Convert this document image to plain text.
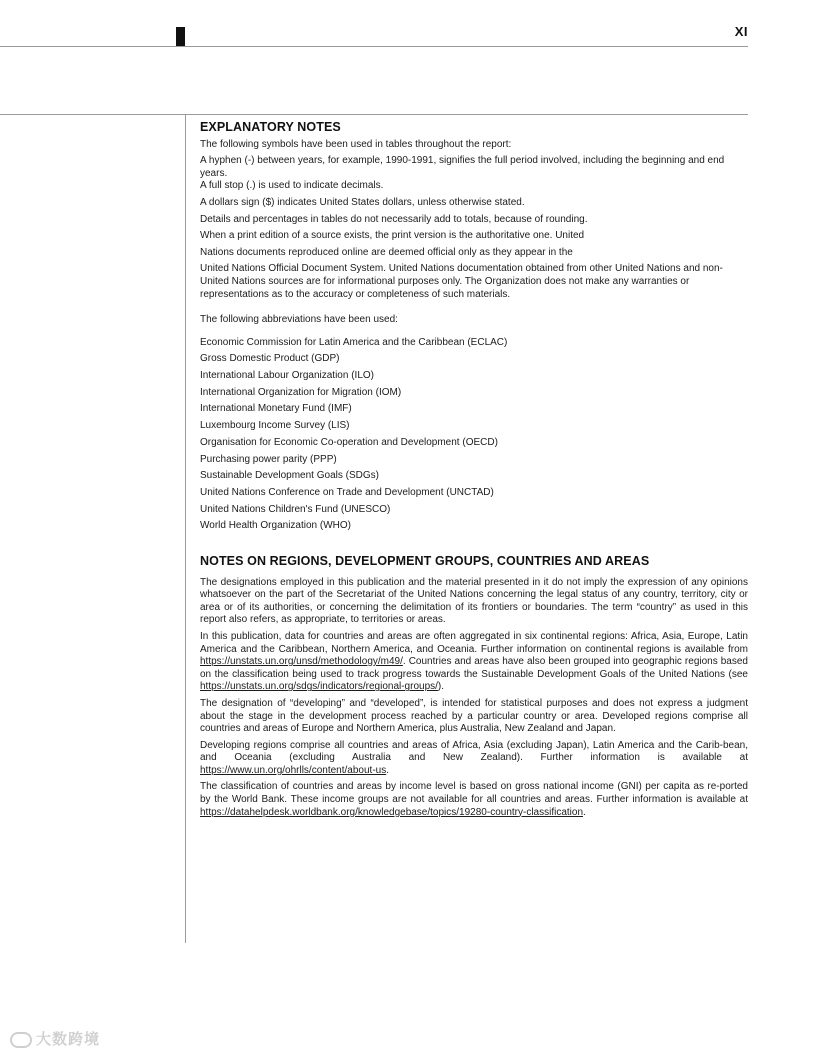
XI
EXPLANATORY NOTES

The following symbols have been used in tables throughout the report:

A hyphen (-) between years, for example, 1990-1991, signifies the full period involved, including the beginning and end years.

A full stop (.) is used to indicate decimals.

A dollars sign ($) indicates United States dollars, unless otherwise stated.

Details and percentages in tables do not necessarily add to totals, because of rounding.

When a print edition of a source exists, the print version is the authoritative one. United

Nations documents reproduced online are deemed official only as they appear in the

United Nations Official Document System. United Nations documentation obtained from other United Nations and non-United Nations sources are for informational purposes only. The Organization does not make any warranties or representations as to the accuracy or completeness of such materials.

The following abbreviations have been used:

Economic Commission for Latin America and the Caribbean (ECLAC)
Gross Domestic Product (GDP)
International Labour Organization (ILO)
International Organization for Migration (IOM)
International Monetary Fund (IMF)
Luxembourg Income Survey (LIS)
Organisation for Economic Co-operation and Development (OECD)
Purchasing power parity (PPP)
Sustainable Development Goals (SDGs)
United Nations Conference on Trade and Development (UNCTAD)
United Nations Children's Fund (UNESCO)
World Health Organization (WHO)
NOTES ON REGIONS, DEVELOPMENT GROUPS, COUNTRIES AND AREAS

The designations employed in this publication and the material presented in it do not imply the expression of any opinions whatsoever on the part of the Secretariat of the United Nations concerning the legal status of any country, territory, city or area or of its authorities, or concerning the delimitation of its frontiers or boundaries. The term “country” as used in this report also refers, as appropriate, to territories or areas.

In this publication, data for countries and areas are often aggregated in six continental regions: Africa, Asia, Europe, Latin America and the Caribbean, Northern America, and Oceania. Further information on continental regions is available from https://unstats.un.org/unsd/methodology/m49/. Countries and areas have also been grouped into geographic regions based on the classification being used to track progress towards the Sustainable Development Goals of the United Nations (see https://unstats.un.org/sdgs/indicators/regional-groups/).

The designation of “developing” and “developed”, is intended for statistical purposes and does not express a judgment about the stage in the development process reached by a particular country or area. Developed regions comprise all countries and areas of Europe and Northern America, plus Australia, New Zealand and Japan.

Developing regions comprise all countries and areas of Africa, Asia (excluding Japan), Latin America and the Carib-bean, and Oceania (excluding Australia and New Zealand). Further information is available at https://www.un.org/ohrlls/content/about-us.

The classification of countries and areas by income level is based on gross national income (GNI) per capita as re-ported by the World Bank. These income groups are not available for all countries and areas. Further information is available at https://datahelpdesk.worldbank.org/knowledgebase/topics/19280-country-classification.

大数跨境
